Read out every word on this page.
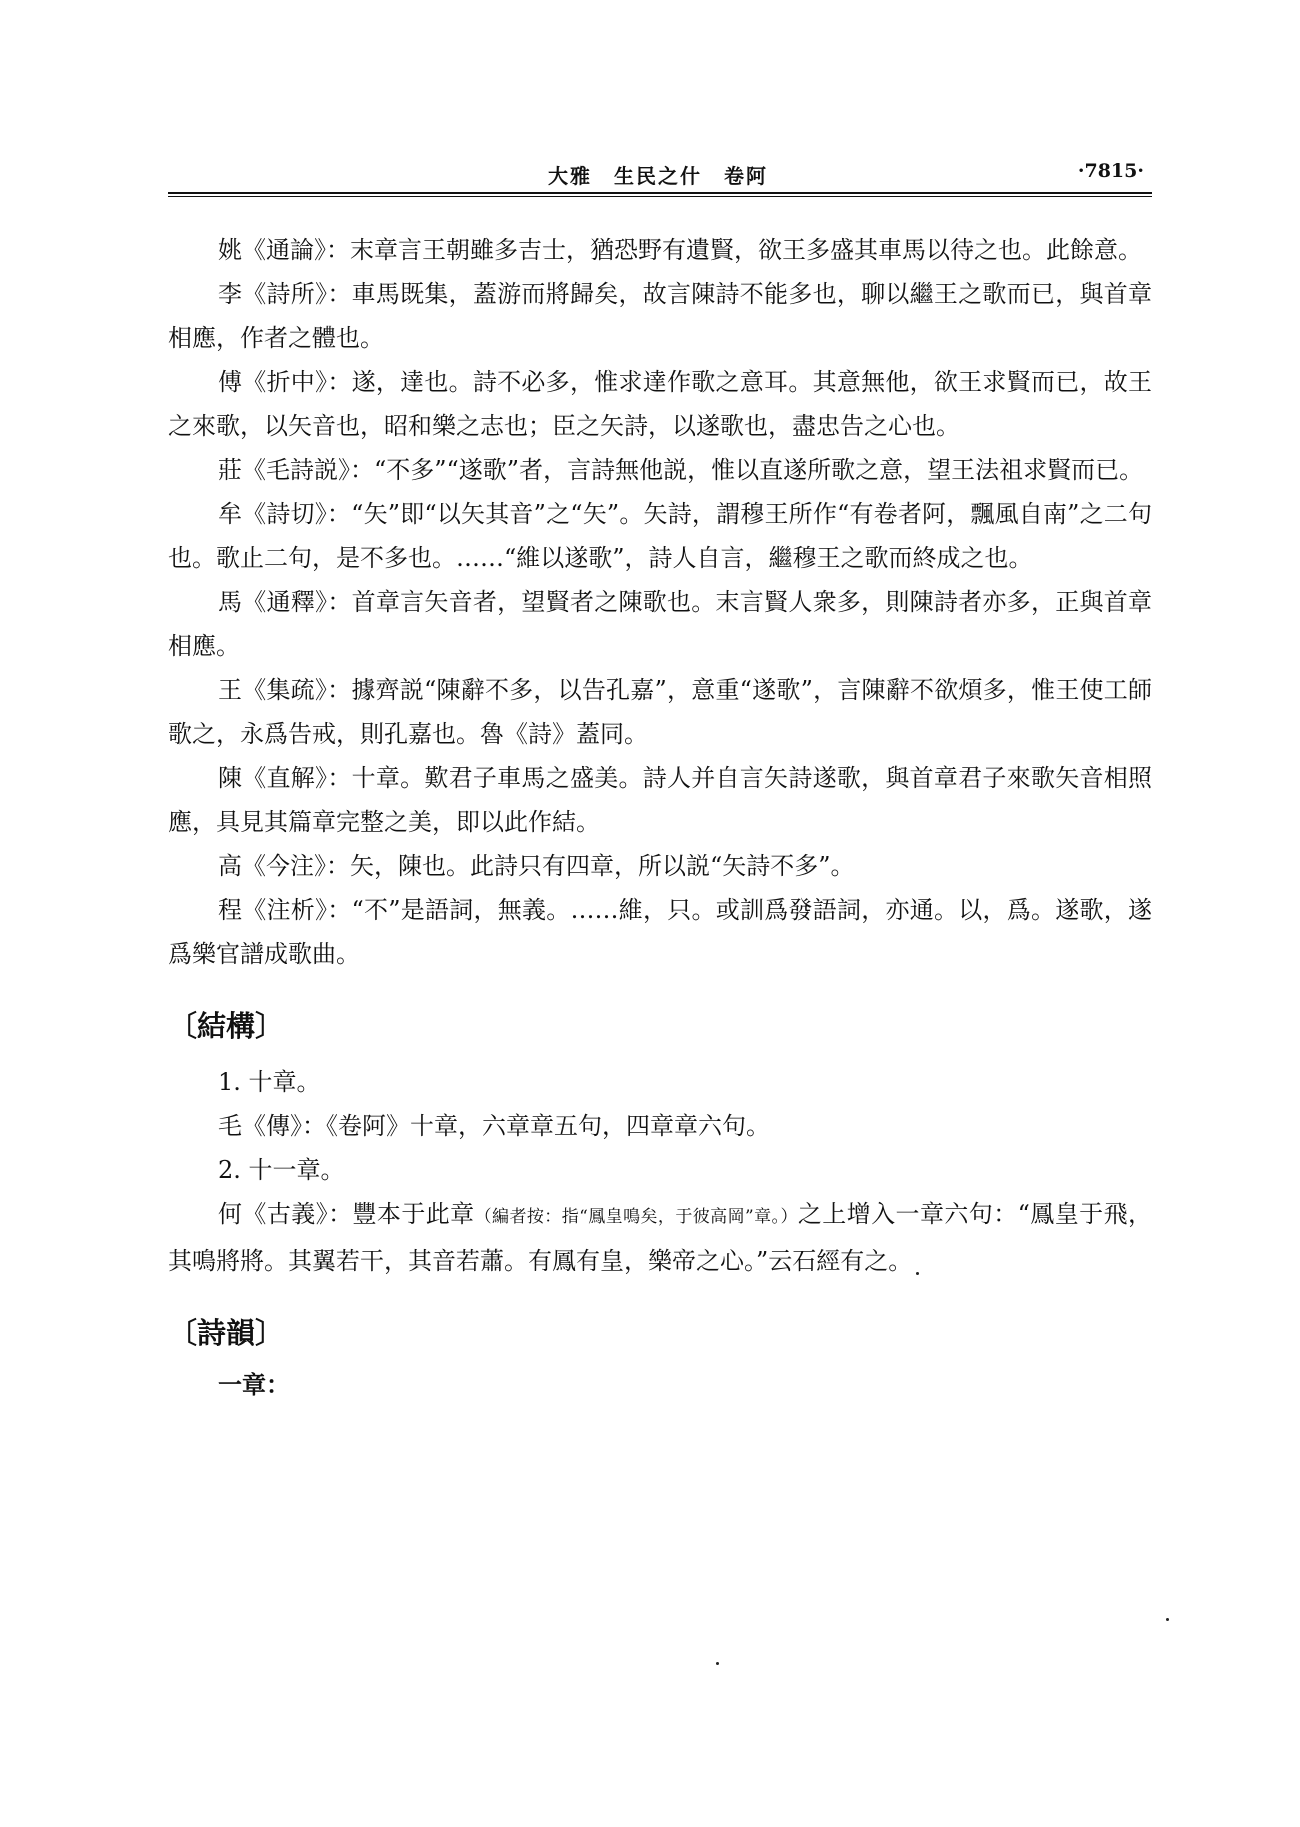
大雅　生民之什　卷阿	·7815·

姚《通論》：末章言王朝雖多吉士，猶恐野有遺賢，欲王多盛其車馬以待之也。此餘意。

李《詩所》：車馬既集，蓋游而將歸矣，故言陳詩不能多也，聊以繼王之歌而已，與首章相應，作者之體也。

傅《折中》：遂，達也。詩不必多，惟求達作歌之意耳。其意無他，欲王求賢而已，故王之來歌，以矢音也，昭和樂之志也；臣之矢詩，以遂歌也，盡忠告之心也。

莊《毛詩説》：“不多”“遂歌”者，言詩無他説，惟以直遂所歌之意，望王法祖求賢而已。

牟《詩切》：“矢”即“以矢其音”之“矢”。矢詩，謂穆王所作“有卷者阿，飄風自南”之二句也。歌止二句，是不多也。……“維以遂歌”，詩人自言，繼穆王之歌而終成之也。

馬《通釋》：首章言矢音者，望賢者之陳歌也。末言賢人衆多，則陳詩者亦多，正與首章相應。

王《集疏》：據齊説“陳辭不多，以告孔嘉”，意重“遂歌”，言陳辭不欲煩多，惟王使工師歌之，永爲告戒，則孔嘉也。魯《詩》蓋同。

陳《直解》：十章。歎君子車馬之盛美。詩人并自言矢詩遂歌，與首章君子來歌矢音相照應，具見其篇章完整之美，即以此作結。

高《今注》：矢，陳也。此詩只有四章，所以説“矢詩不多”。

程《注析》：“不”是語詞，無義。……維，只。或訓爲發語詞，亦通。以，爲。遂歌，遂爲樂官譜成歌曲。

〔結構〕

1. 十章。

毛《傳》：《卷阿》十章，六章章五句，四章章六句。

2. 十一章。

何《古義》：豐本于此章（編者按：指“鳳皇鳴矣，于彼高岡”章。）之上增入一章六句：“鳳皇于飛，其鳴將將。其翼若干，其音若蕭。有鳳有皇，樂帝之心。”云石經有之。

〔詩韻〕

一章：
